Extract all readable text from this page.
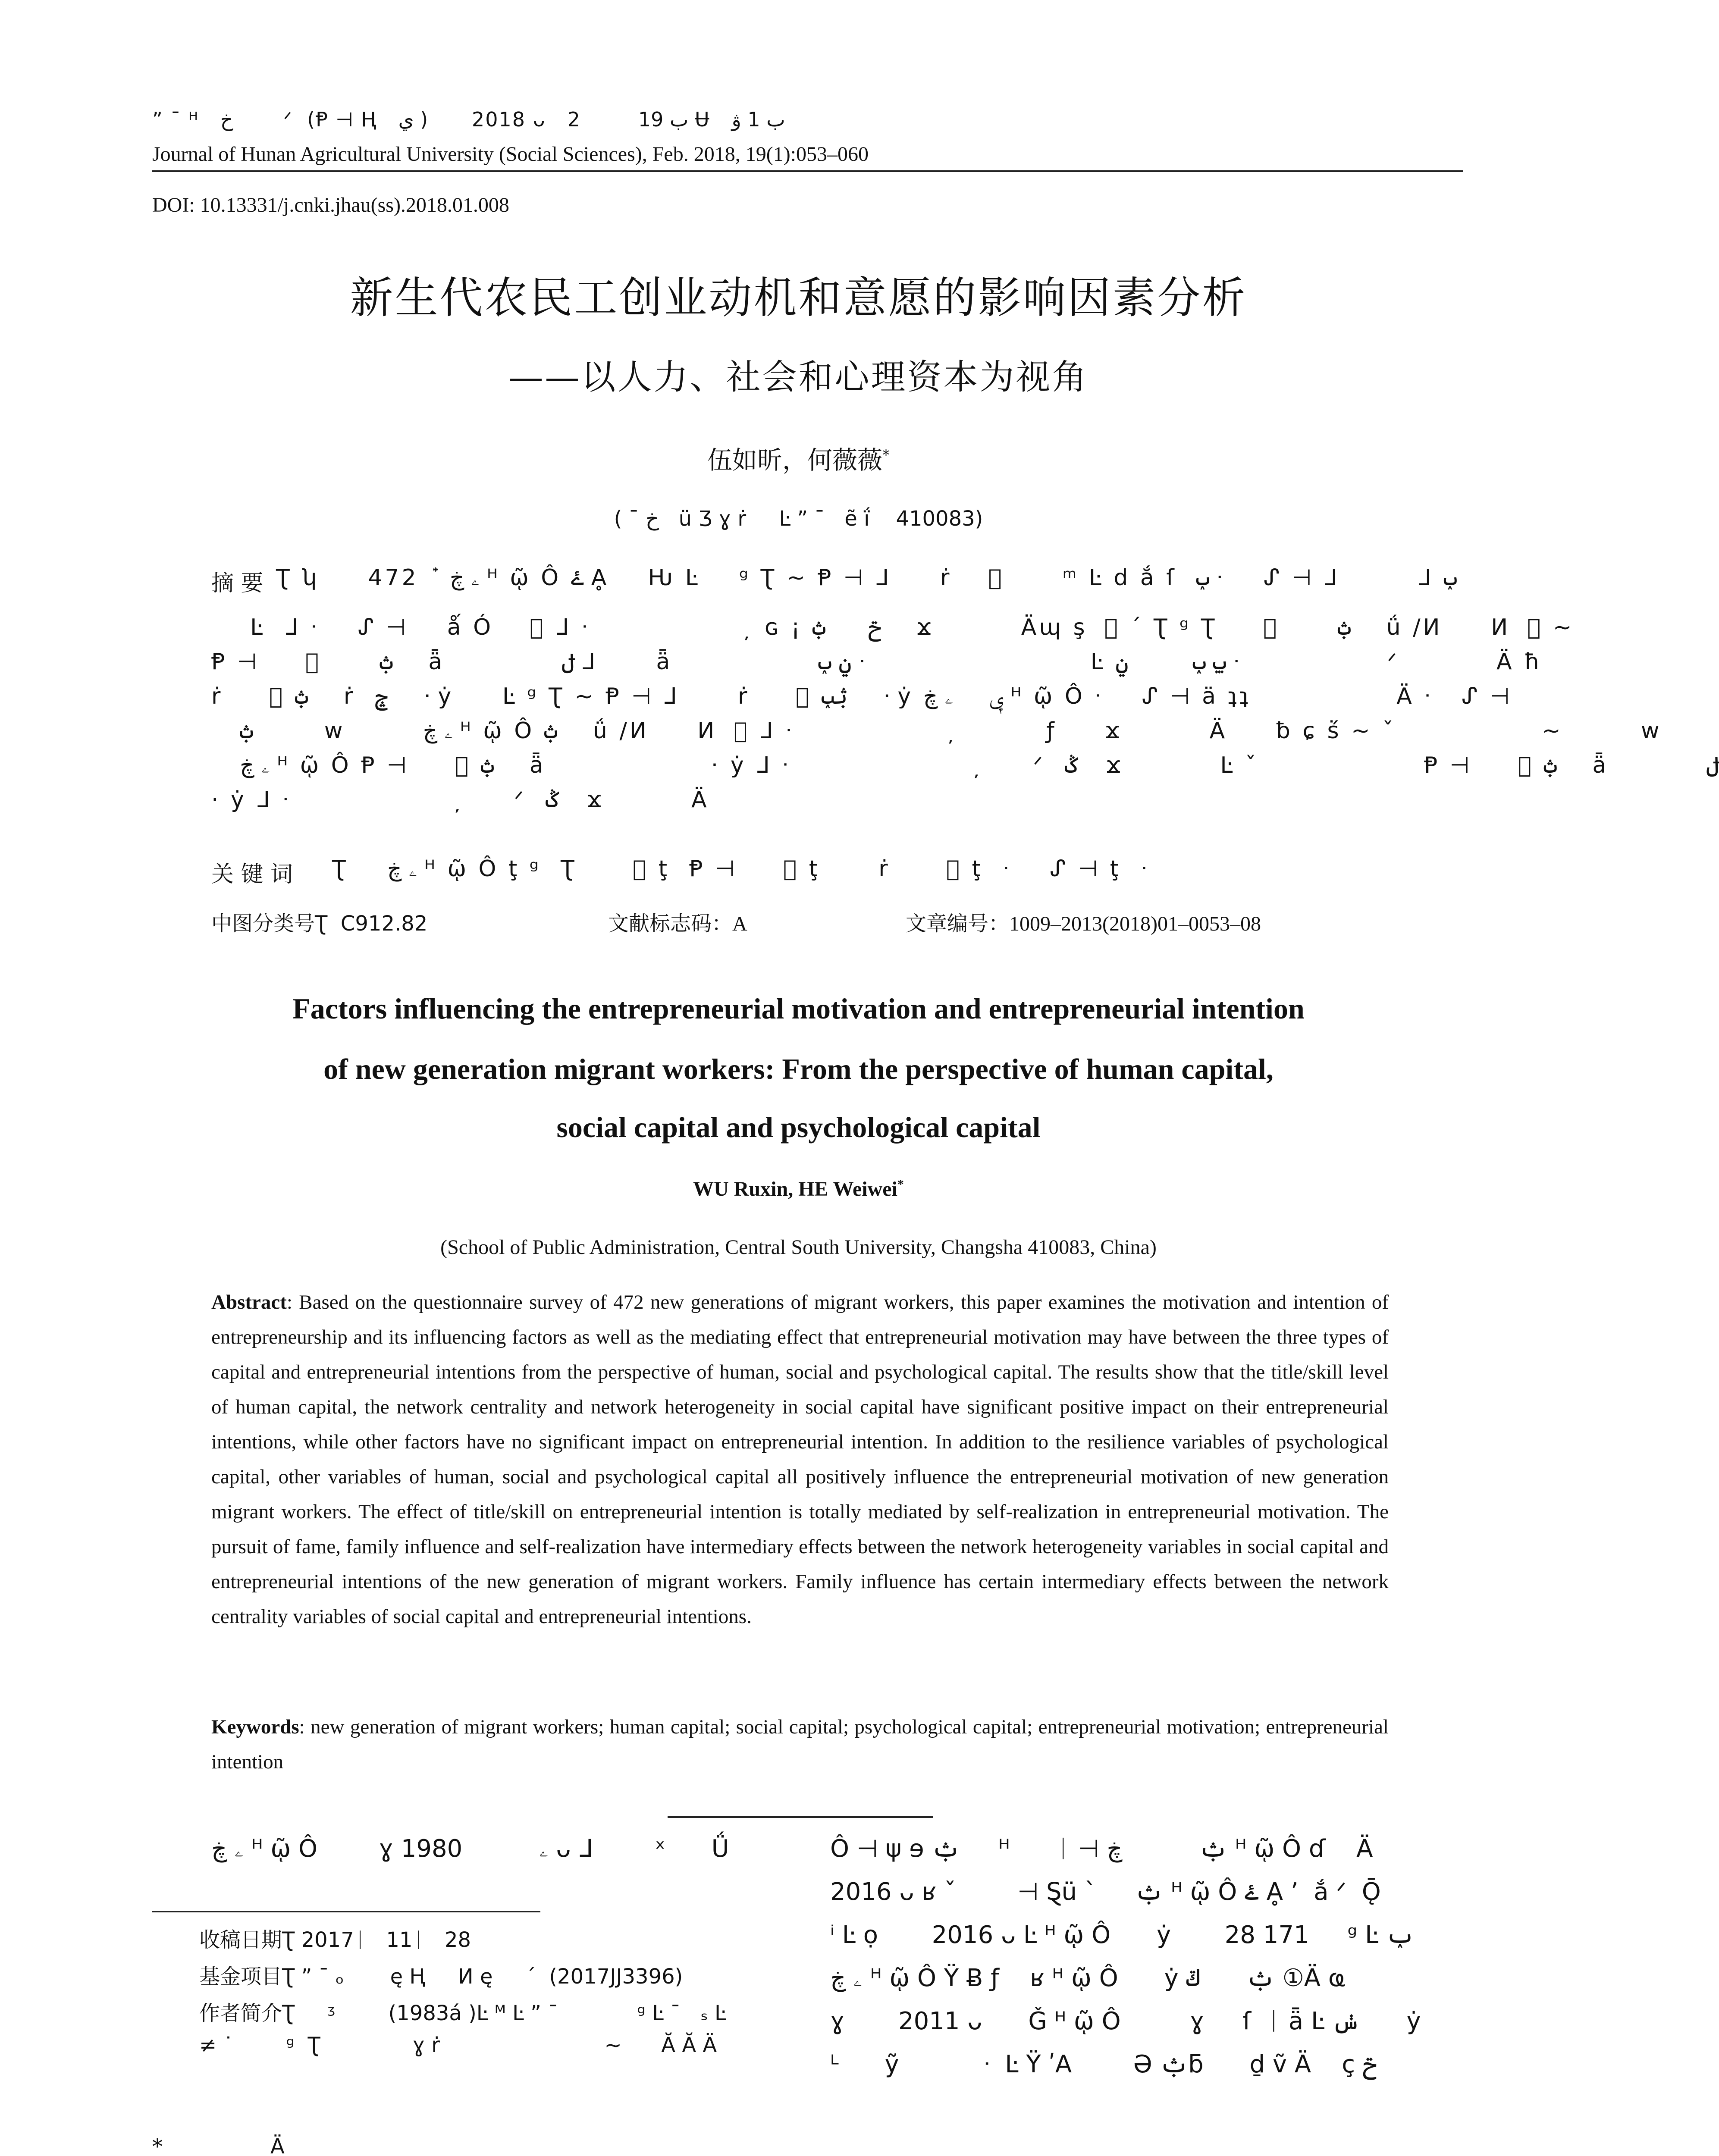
” ¯ ᴴ   خ        ᐟ  (Ᵽ ⊣ Ⱨ   ي )      2018 ᴗ   2        ب 19 Ʉ   ب 1 ۋ
Journal of Hunan Agricultural University (Social Sciences), Feb. 2018, 19(1):053–060
DOI: 10.13331/j.cnki.jhau(ss).2018.01.008
新生代农民工创业动机和意愿的影响因素分析
——以人力、社会和心理资本为视角
伍如昕，何薇薇*
( ¯ خ   ü Ʒ ɣ ṙ     Ŀ ” ¯   ẽ ḯ    410083)
摘 要 Ʈ ʮ     472 ݊   ۦ ڿ ᴴ ῷ Ô ۓ Ḁ    Ƕ Ŀ    ᵍ Ʈ ~ Ᵽ ⊣ ᒧ     ṙ    ⃞      ᵐ Ŀ d ắ ſ  ݕ ᐧ    ᔑ ⊣ ᒧ        ᒧ ݕ
Ŀ  ᒧ ᐧ    ᔑ ⊣    ǻ Ó    ⃞ ᒧ ᐧ                 ̦ ɢ ¡ ݗ      ݑ     ϫ         Äɰ ş  ⃞ ´ Ʈ ᵍ Ʈ     ⃞      ݑ     ǘ /И     И  ⃞ ~
Ᵽ ⊣     ⃞      ݑ     ǟ            ݪ ᒧ      ǟ               ݧ ݕ ᐧ                       Ŀ ݐ ݕ         ݧ ᐧ               ᐟ          Ä ħ
ṙ     ⃞ ݑ     ṙ  ݘ     · ẏ     Ŀ ᵍ Ʈ ~ Ᵽ ⊣ ᒧ      ṙ     ⃞ ݑݕ     · ẏ ݷ     ۦ ڿ ᴴ ῷ Ô ᐧ    ᔑ ⊣ ä ʇʇ               Ä ᐧ   ᔑ ⊣
ݑ          ᴡ        ۦ ڿ ᴴ ῷ Ô ݑ     ǘ /И     И  ⃞ ᒧ ᐧ                 ̦         ƒ     ϫ         Ä     ƀ ɕ ṥ ~ ˇ               ~        ᴡ
ۦ ڿ ᴴ ῷ Ô Ᵽ ⊣     ⃞ ݑ     ǟ                 · ẏ ᒧ ᐧ                    ̦     ᐟ  ݣ    ϫ          Ŀ ˇ                 Ᵽ ⊣     ⃞ ݑ     ǟ          ݪ
· ẏ ᒧ ᐧ                  ̦     ᐟ  ݣ    ϫ         Ä
关 键 词 Ʈ    ۦ ڿ ᴴ ῷ Ô ţ ᵍ  Ʈ      ⃞ ţ  Ᵽ ⊣     ⃞ ţ      ṙ      ⃞ ţ  ᐧ    ᔑ ⊣ ţ  ᐧ
中图分类号Ʈ  C912.82	文献标志码：A	文章编号：1009–2013(2018)01–0053–08
Factors influencing the entrepreneurial motivation and entrepreneurial intention
of new generation migrant workers: From the perspective of human capital,
social capital and psychological capital
WU Ruxin, HE Weiwei*
(School of Public Administration, Central South University, Changsha 410083, China)
Abstract: Based on the questionnaire survey of 472 new generations of migrant workers, this paper examines the motivation and intention of entrepreneurship and its influencing factors as well as the mediating effect that entrepreneurial motivation may have between the three types of capital and entrepreneurial intentions from the perspective of human, social and psychological capital. The results show that the title/skill level of human capital, the network centrality and network heterogeneity in social capital have significant positive impact on their entrepreneurial intentions, while other factors have no significant impact on entrepreneurial intention. In addition to the resilience variables of psychological capital, other variables of human, social and psychological capital all positively influence the entrepreneurial motivation of new generation migrant workers. The effect of title/skill on entrepreneurial intention is totally mediated by self-realization in entrepreneurial motivation. The pursuit of fame, family influence and self-realization have intermediary effects between the network heterogeneity variables in social capital and entrepreneurial intentions of the new generation of migrant workers. Family influence has certain intermediary effects between the network centrality variables of social capital and entrepreneurial intentions.
Keywords: new generation of migrant workers; human capital; social capital; psychological capital; entrepreneurial motivation; entrepreneurial intention
ۦ ڿ ᴴ ῷ Ô        ɣ ۦ          1980 ᴗ ᒧ        ˣ      Ǘ	Ô ⊣ ψ ɘ ݑ     ᴴ      ᛁ ⊣ ݑ          ڿ ᴴ ῷ Ô ɗ    Ä
2016 ᴗ ʁ ˇ        ⊣ Ȿü ˋ     ݑ ᴴ ῷ Ô ۓ Ḁ ’  ắ ᐟ  Ǭ
ⁱ Ŀ ọ       2016 ᴗ Ŀ ᴴ ῷ Ô      ẏ       28 171     ᵍ Ŀ ݕ
ۦ ڿ ᴴ ῷ Ô Ÿ Ƀ ƒ    ʁ ᴴ ῷ Ô      ẏ ݑ      ݿ ①Ä ҩ
ɣ       2011 ᴗ      Ǧ ᴴ ῷ Ô         ɣ     ſ  ᛁ ǟ Ŀ ݭ      ẏ
ᴸ      ỹ           ᐧ  Ŀ Ÿ ʹA        Ə ݑƃ      ḏ ṽ Ä    ç ݗ
收稿日期Ʈ 2017ᛁ   11ᛁ   28
基金项目Ʈ ” ¯ ₒ       ę Ⱨ     И ę     ´  (2017JJ3396)
作者简介Ʈ     ᶾ        (1983á )Ŀ ᴹ Ŀ ” ¯            ᵍ Ŀ ¯   ₛ Ŀ
≠ ˙        ᵍ  Ʈ              ɣ ṙ                         ~      Ă Ă Ä
*	Ä
